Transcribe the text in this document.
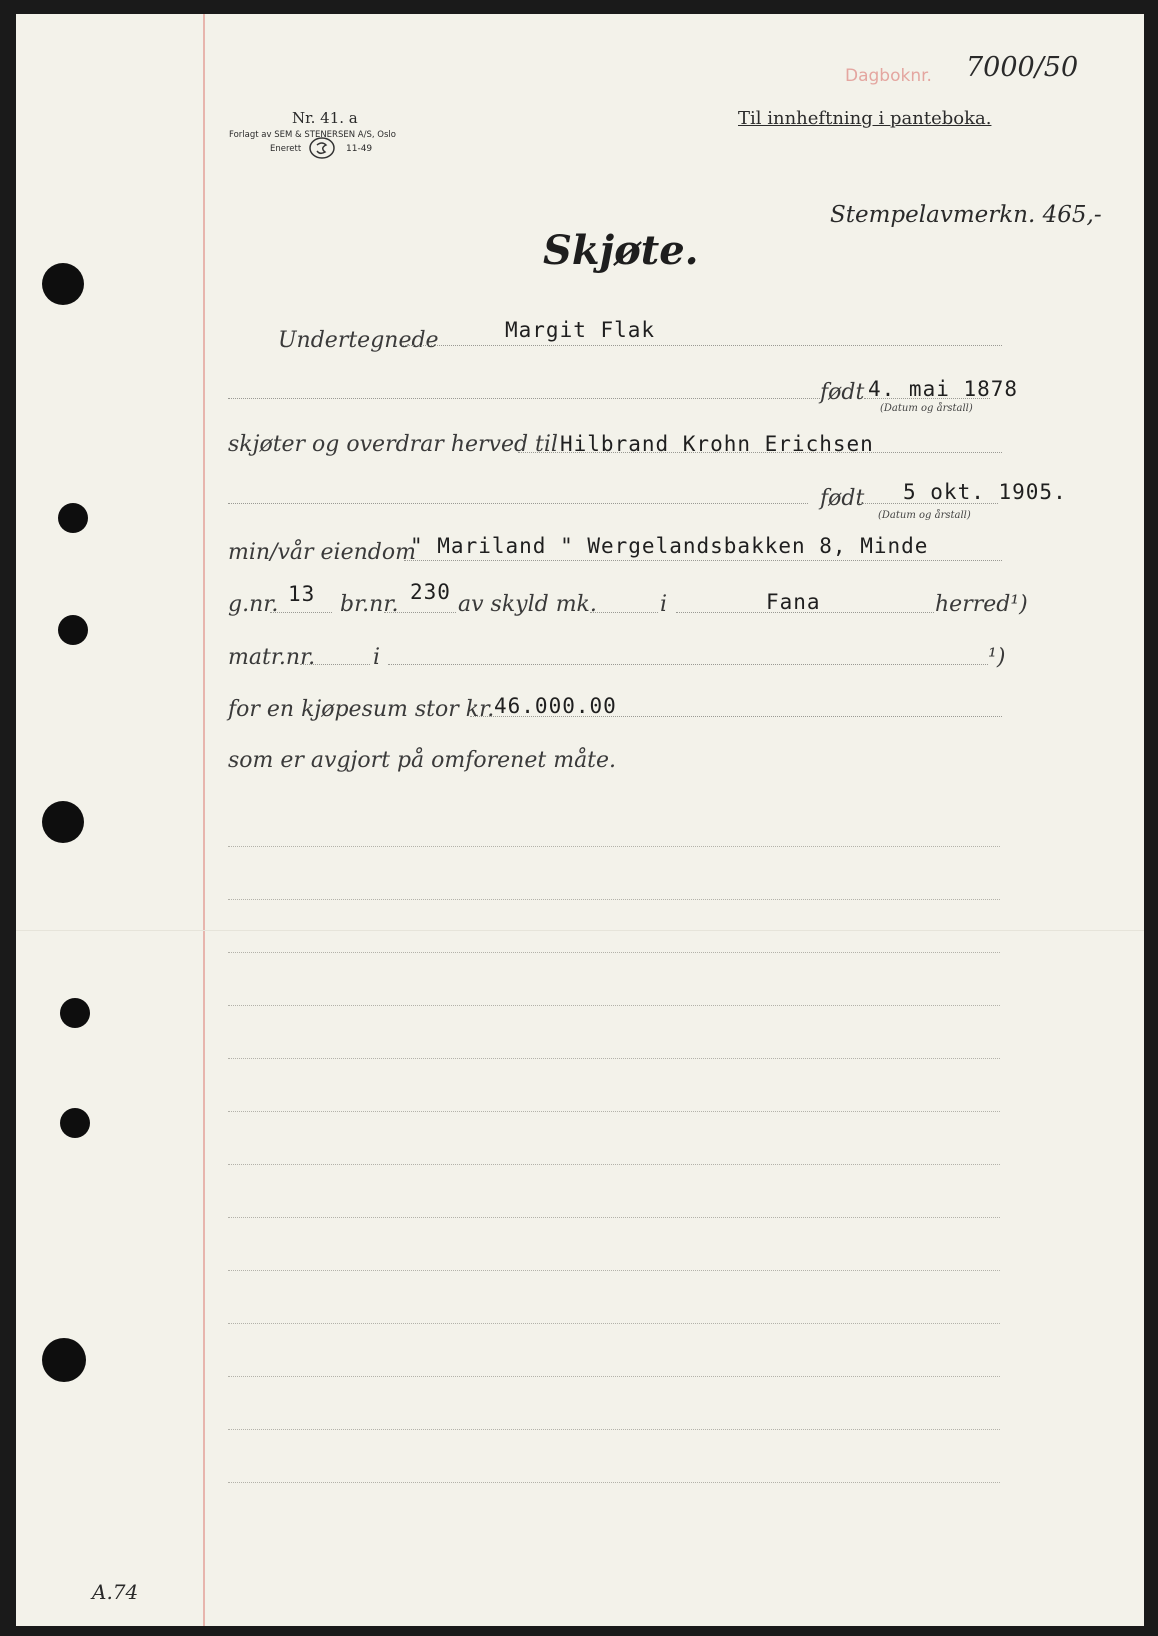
Dagboknr. 7000/50
Nr. 41. a
Forlagt av SEM & STENERSEN A/S, Oslo
Enerett	11-49
Til innheftning i panteboka.
Stempelavmerkn. 465,-
Skjøte.
Undertegnede	Margit Flak
født 4. mai 1878
(Datum og årstall)
skjøter og overdrar herved til Hilbrand Krohn Erichsen
født 5 okt. 1905.
(Datum og årstall)
min/vår eiendom
" Mariland " Wergelandsbakken 8, Minde
g.nr. 13 br.nr. 230 av skyld mk.	i	Fana	herred¹)
matr.nr.	i	¹)
for en kjøpesum stor kr. 46.000.00
som er avgjort på omforenet måte.
A.74
